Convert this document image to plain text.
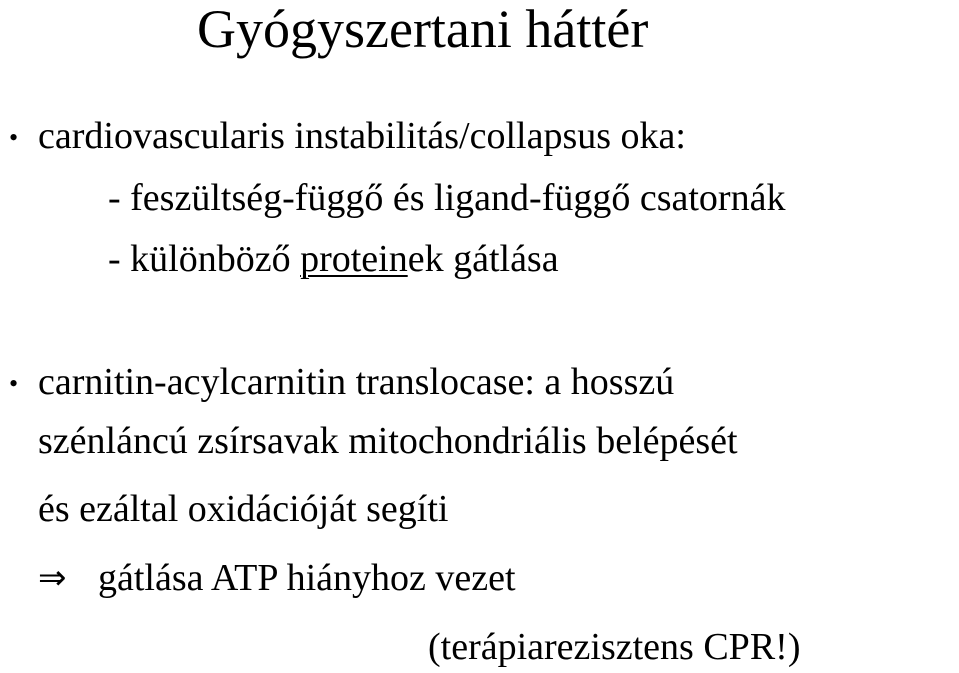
Gyógyszertani háttér
• cardiovascularis instabilitás/collapsus oka:
- feszültség-függő és ligand-függő csatornák
- különböző proteinek gátlása
• carnitin-acylcarnitin translocase: a hosszú
szénláncú zsírsavak mitochondriális belépését
és ezáltal oxidációját segíti
⇒ gátlása ATP hiányhoz vezet
(terápiarezisztens CPR!)
